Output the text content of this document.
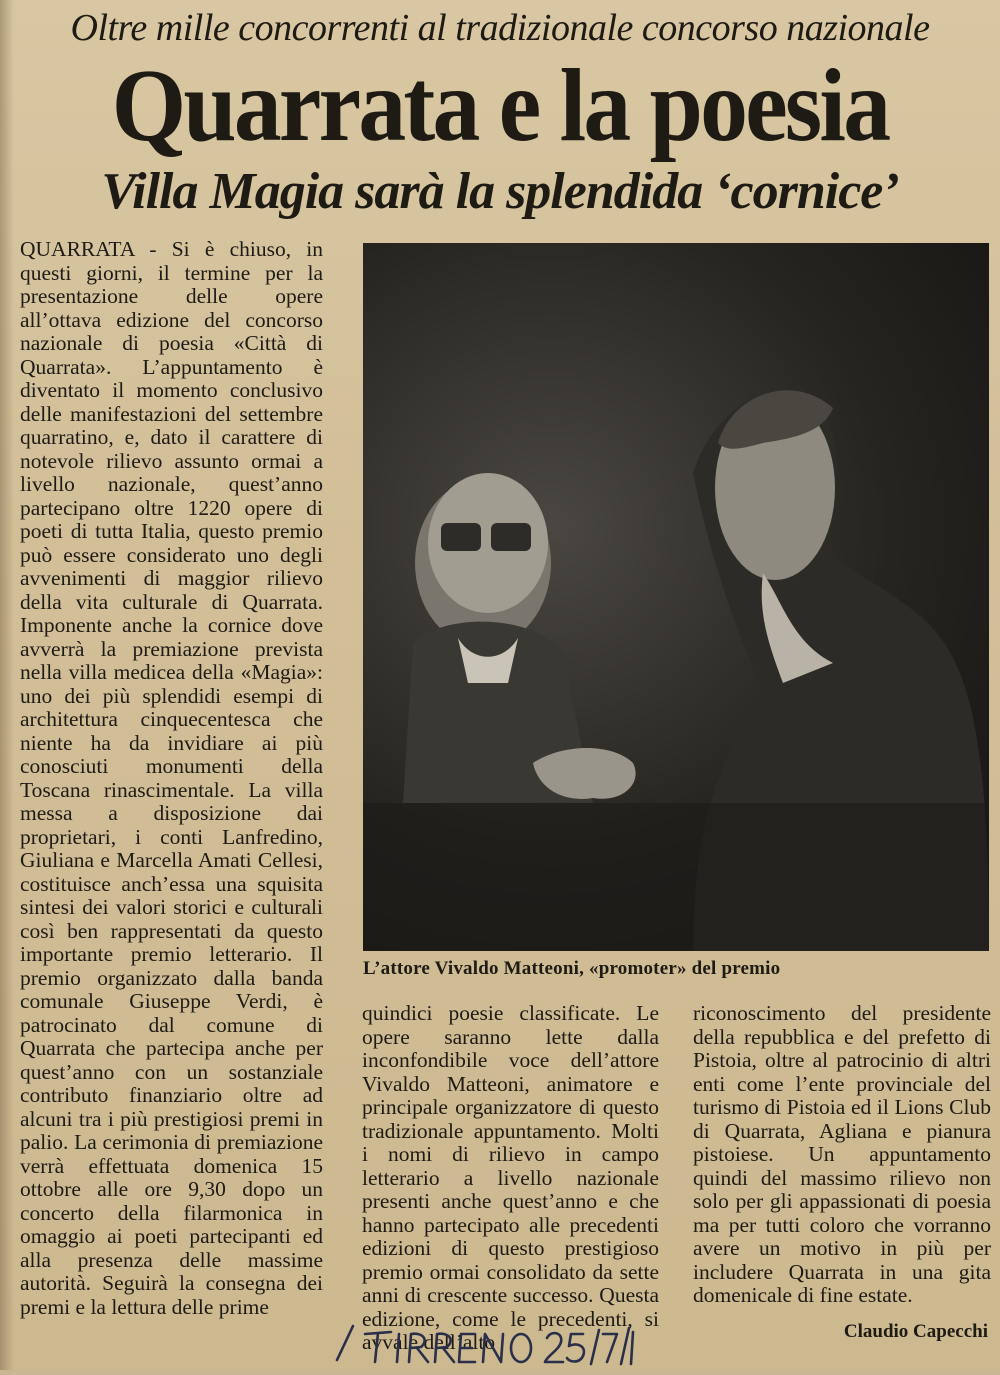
Oltre mille concorrenti al tradizionale concorso nazionale
Quarrata e la poesia
Villa Magia sarà la splendida ‘cornice’
QUARRATA - Si è chiuso, in questi giorni, il termine per la presentazione delle opere all’ottava edizione del concorso nazionale di poesia «Città di Quarrata». L’appuntamento è diventato il momento conclusivo delle manifestazioni del settembre quarratino, e, dato il carattere di notevole rilievo assunto ormai a livello nazionale, quest’anno partecipano oltre 1220 opere di poeti di tutta Italia, questo premio può essere considerato uno degli avvenimenti di maggior rilievo della vita culturale di Quarrata. Imponente anche la cornice dove avverrà la premiazione prevista nella villa medicea della «Magia»: uno dei più splendidi esempi di architettura cinquecentesca che niente ha da invidiare ai più conosciuti monumenti della Toscana rinascimentale. La villa messa a disposizione dai proprietari, i conti Lanfredino, Giuliana e Marcella Amati Cellesi, costituisce anch’essa una squisita sintesi dei valori storici e culturali così ben rappresentati da questo importante premio letterario. Il premio organizzato dalla banda comunale Giuseppe Verdi, è patrocinato dal comune di Quarrata che partecipa anche per quest’anno con un sostanziale contributo finanziario oltre ad alcuni tra i più prestigiosi premi in palio. La cerimonia di premiazione verrà effettuata domenica 15 ottobre alle ore 9,30 dopo un concerto della filarmonica in omaggio ai poeti partecipanti ed alla presenza delle massime autorità. Seguirà la consegna dei premi e la lettura delle prime
L’attore Vivaldo Matteoni, «promoter» del premio
quindici poesie classificate. Le opere saranno lette dalla inconfondibile voce dell’attore Vivaldo Matteoni, animatore e principale organizzatore di questo tradizionale appuntamento. Molti i nomi di rilievo in campo letterario a livello nazionale presenti anche quest’anno e che hanno partecipato alle precedenti edizioni di questo prestigioso premio ormai consolidato da sette anni di crescente successo. Questa edizione, come le precedenti, si avvale dell’alto
riconoscimento del presidente della repubblica e del prefetto di Pistoia, oltre al patrocinio di altri enti come l’ente provinciale del turismo di Pistoia ed il Lions Club di Quarrata, Agliana e pianura pistoiese. Un appuntamento quindi del massimo rilievo non solo per gli appassionati di poesia ma per tutti coloro che vorranno avere un motivo in più per includere Quarrata in una gita domenicale di fine estate.
Claudio Capecchi
